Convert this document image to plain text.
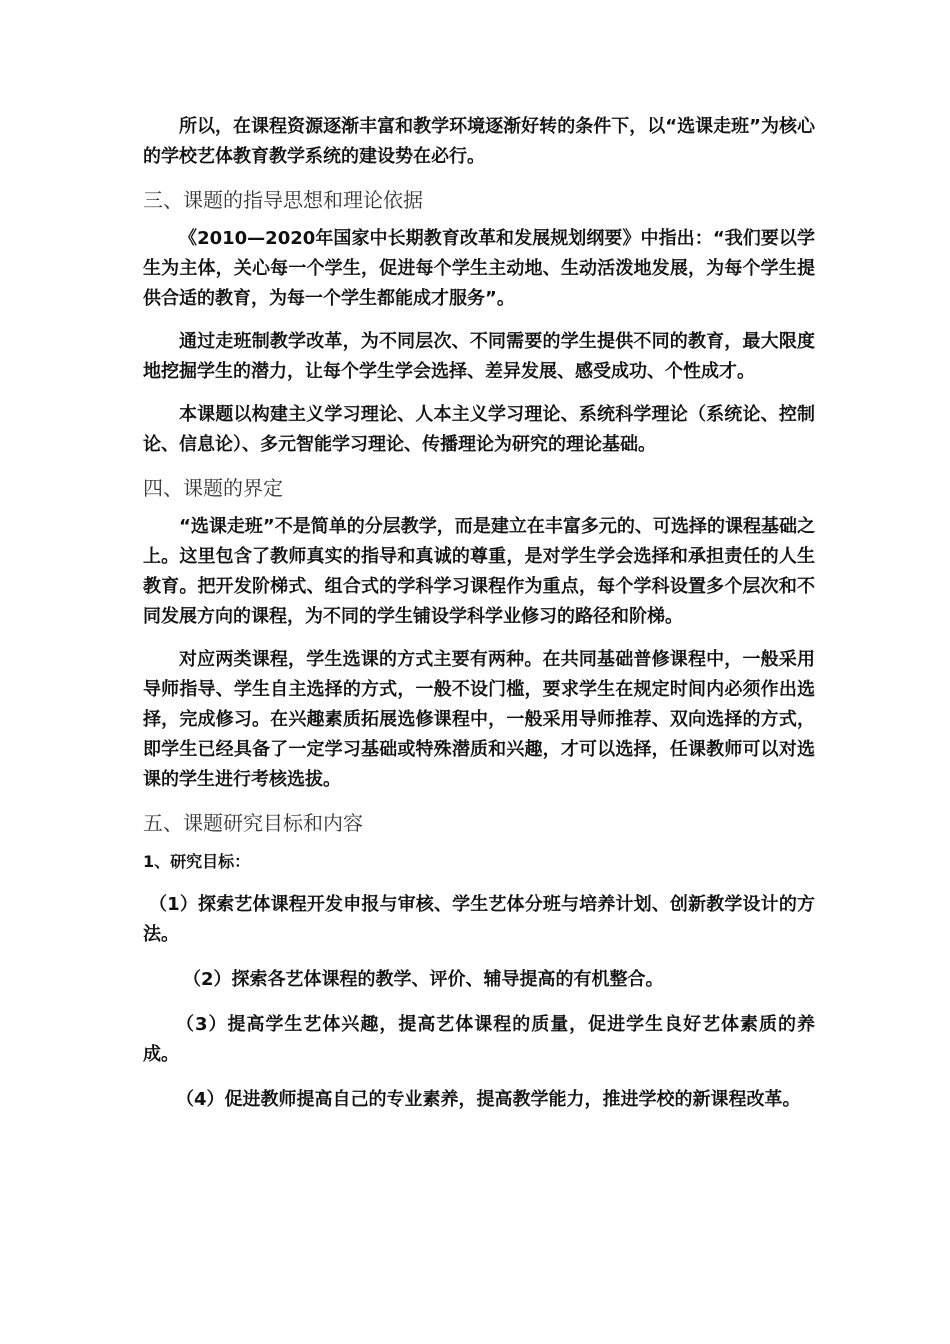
所以，在课程资源逐渐丰富和教学环境逐渐好转的条件下，以“选课走班”为核心的学校艺体教育教学系统的建设势在必行。

三、课题的指导思想和理论依据

《2010—2020年国家中长期教育改革和发展规划纲要》中指出：“我们要以学生为主体，关心每一个学生，促进每个学生主动地、生动活泼地发展，为每个学生提供合适的教育，为每一个学生都能成才服务”。

通过走班制教学改革，为不同层次、不同需要的学生提供不同的教育，最大限度地挖掘学生的潜力，让每个学生学会选择、差异发展、感受成功、个性成才。

本课题以构建主义学习理论、人本主义学习理论、系统科学理论（系统论、控制论、信息论）、多元智能学习理论、传播理论为研究的理论基础。

四、课题的界定

“选课走班”不是简单的分层教学，而是建立在丰富多元的、可选择的课程基础之上。这里包含了教师真实的指导和真诚的尊重，是对学生学会选择和承担责任的人生教育。把开发阶梯式、组合式的学科学习课程作为重点，每个学科设置多个层次和不同发展方向的课程，为不同的学生铺设学科学业修习的路径和阶梯。

对应两类课程，学生选课的方式主要有两种。在共同基础普修课程中，一般采用导师指导、学生自主选择的方式，一般不设门槛，要求学生在规定时间内必须作出选择，完成修习。在兴趣素质拓展选修课程中，一般采用导师推荐、双向选择的方式，即学生已经具备了一定学习基础或特殊潜质和兴趣，才可以选择，任课教师可以对选课的学生进行考核选拔。

五、课题研究目标和内容
1、研究目标：

（1）探索艺体课程开发申报与审核、学生艺体分班与培养计划、创新教学设计的方法。

（2）探索各艺体课程的教学、评价、辅导提高的有机整合。

（3）提高学生艺体兴趣，提高艺体课程的质量，促进学生良好艺体素质的养成。

（4）促进教师提高自己的专业素养，提高教学能力，推进学校的新课程改革。
